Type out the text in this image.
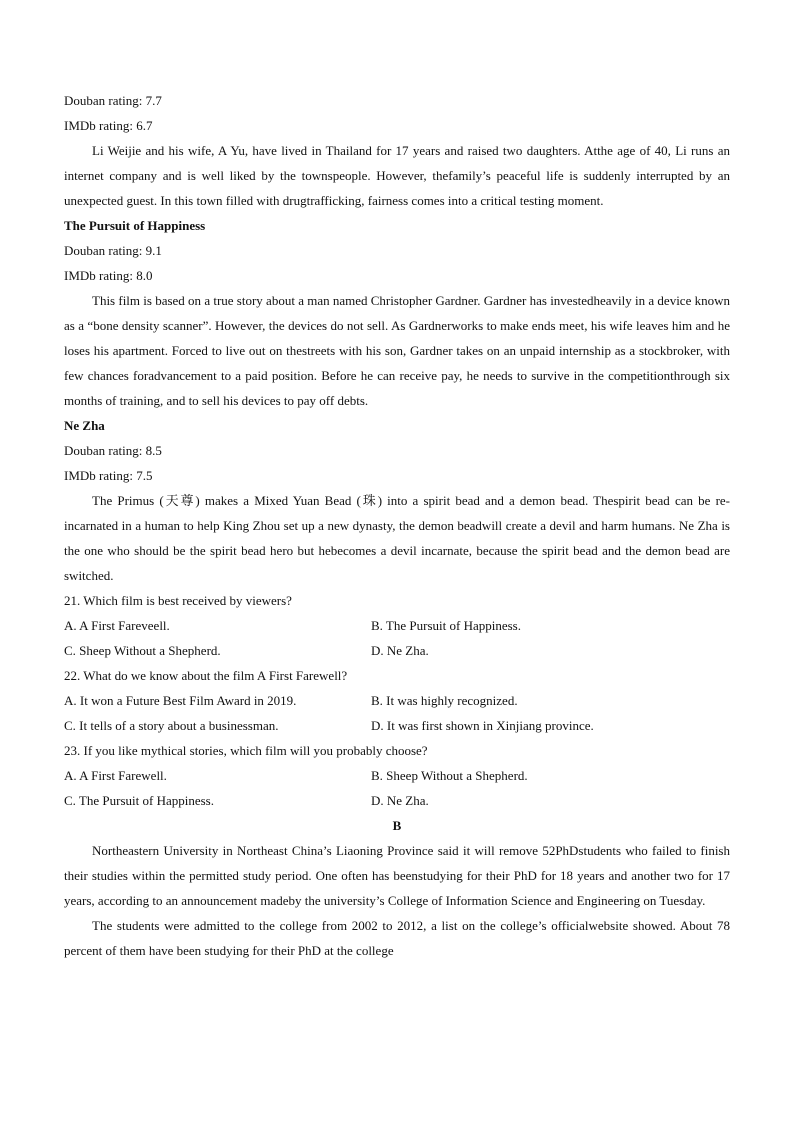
Douban rating: 7.7
IMDb rating: 6.7
Li Weijie and his wife, A Yu, have lived in Thailand for 17 years and raised two daughters. Atthe age of 40, Li runs an internet company and is well liked by the townspeople. However, thefamily’s peaceful life is suddenly interrupted by an unexpected guest. In this town filled with drugtrafficking, fairness comes into a critical testing moment.
The Pursuit of Happiness
Douban rating: 9.1
IMDb rating: 8.0
This film is based on a true story about a man named Christopher Gardner. Gardner has investedheavily in a device known as a “bone density scanner”. However, the devices do not sell. As Gardnerworks to make ends meet, his wife leaves him and he loses his apartment. Forced to live out on thestreets with his son, Gardner takes on an unpaid internship as a stockbroker, with few chances foradvancement to a paid position. Before he can receive pay, he needs to survive in the competitionthrough six months of training, and to sell his devices to pay off debts.
Ne Zha
Douban rating: 8.5
IMDb rating: 7.5
The Primus (天尊) makes a Mixed Yuan Bead (珠) into a spirit bead and a demon bead. Thespirit bead can be re-incarnated in a human to help King Zhou set up a new dynasty, the demon beadwill create a devil and harm humans. Ne Zha is the one who should be the spirit bead hero but hebecomes a devil incarnate, because the spirit bead and the demon bead are switched.
21. Which film is best received by viewers?
A. A First Fareveell.	B. The Pursuit of Happiness.
C. Sheep Without a Shepherd.	D. Ne Zha.
22. What do we know about the film A First Farewell?
A. It won a Future Best Film Award in 2019.	B. It was highly recognized.
C. It tells of a story about a businessman.	D. It was first shown in Xinjiang province.
23. If you like mythical stories, which film will you probably choose?
A. A First Farewell.	B. Sheep Without a Shepherd.
C. The Pursuit of Happiness.	D. Ne Zha.
B
Northeastern University in Northeast China’s Liaoning Province said it will remove 52PhDstudents who failed to finish their studies within the permitted study period. One often has beenstudying for their PhD for 18 years and another two for 17 years, according to an announcement madeby the university’s College of Information Science and Engineering on Tuesday.
The students were admitted to the college from 2002 to 2012, a list on the college’s officialwebsite showed. About 78 percent of them have been studying for their PhD at the college
